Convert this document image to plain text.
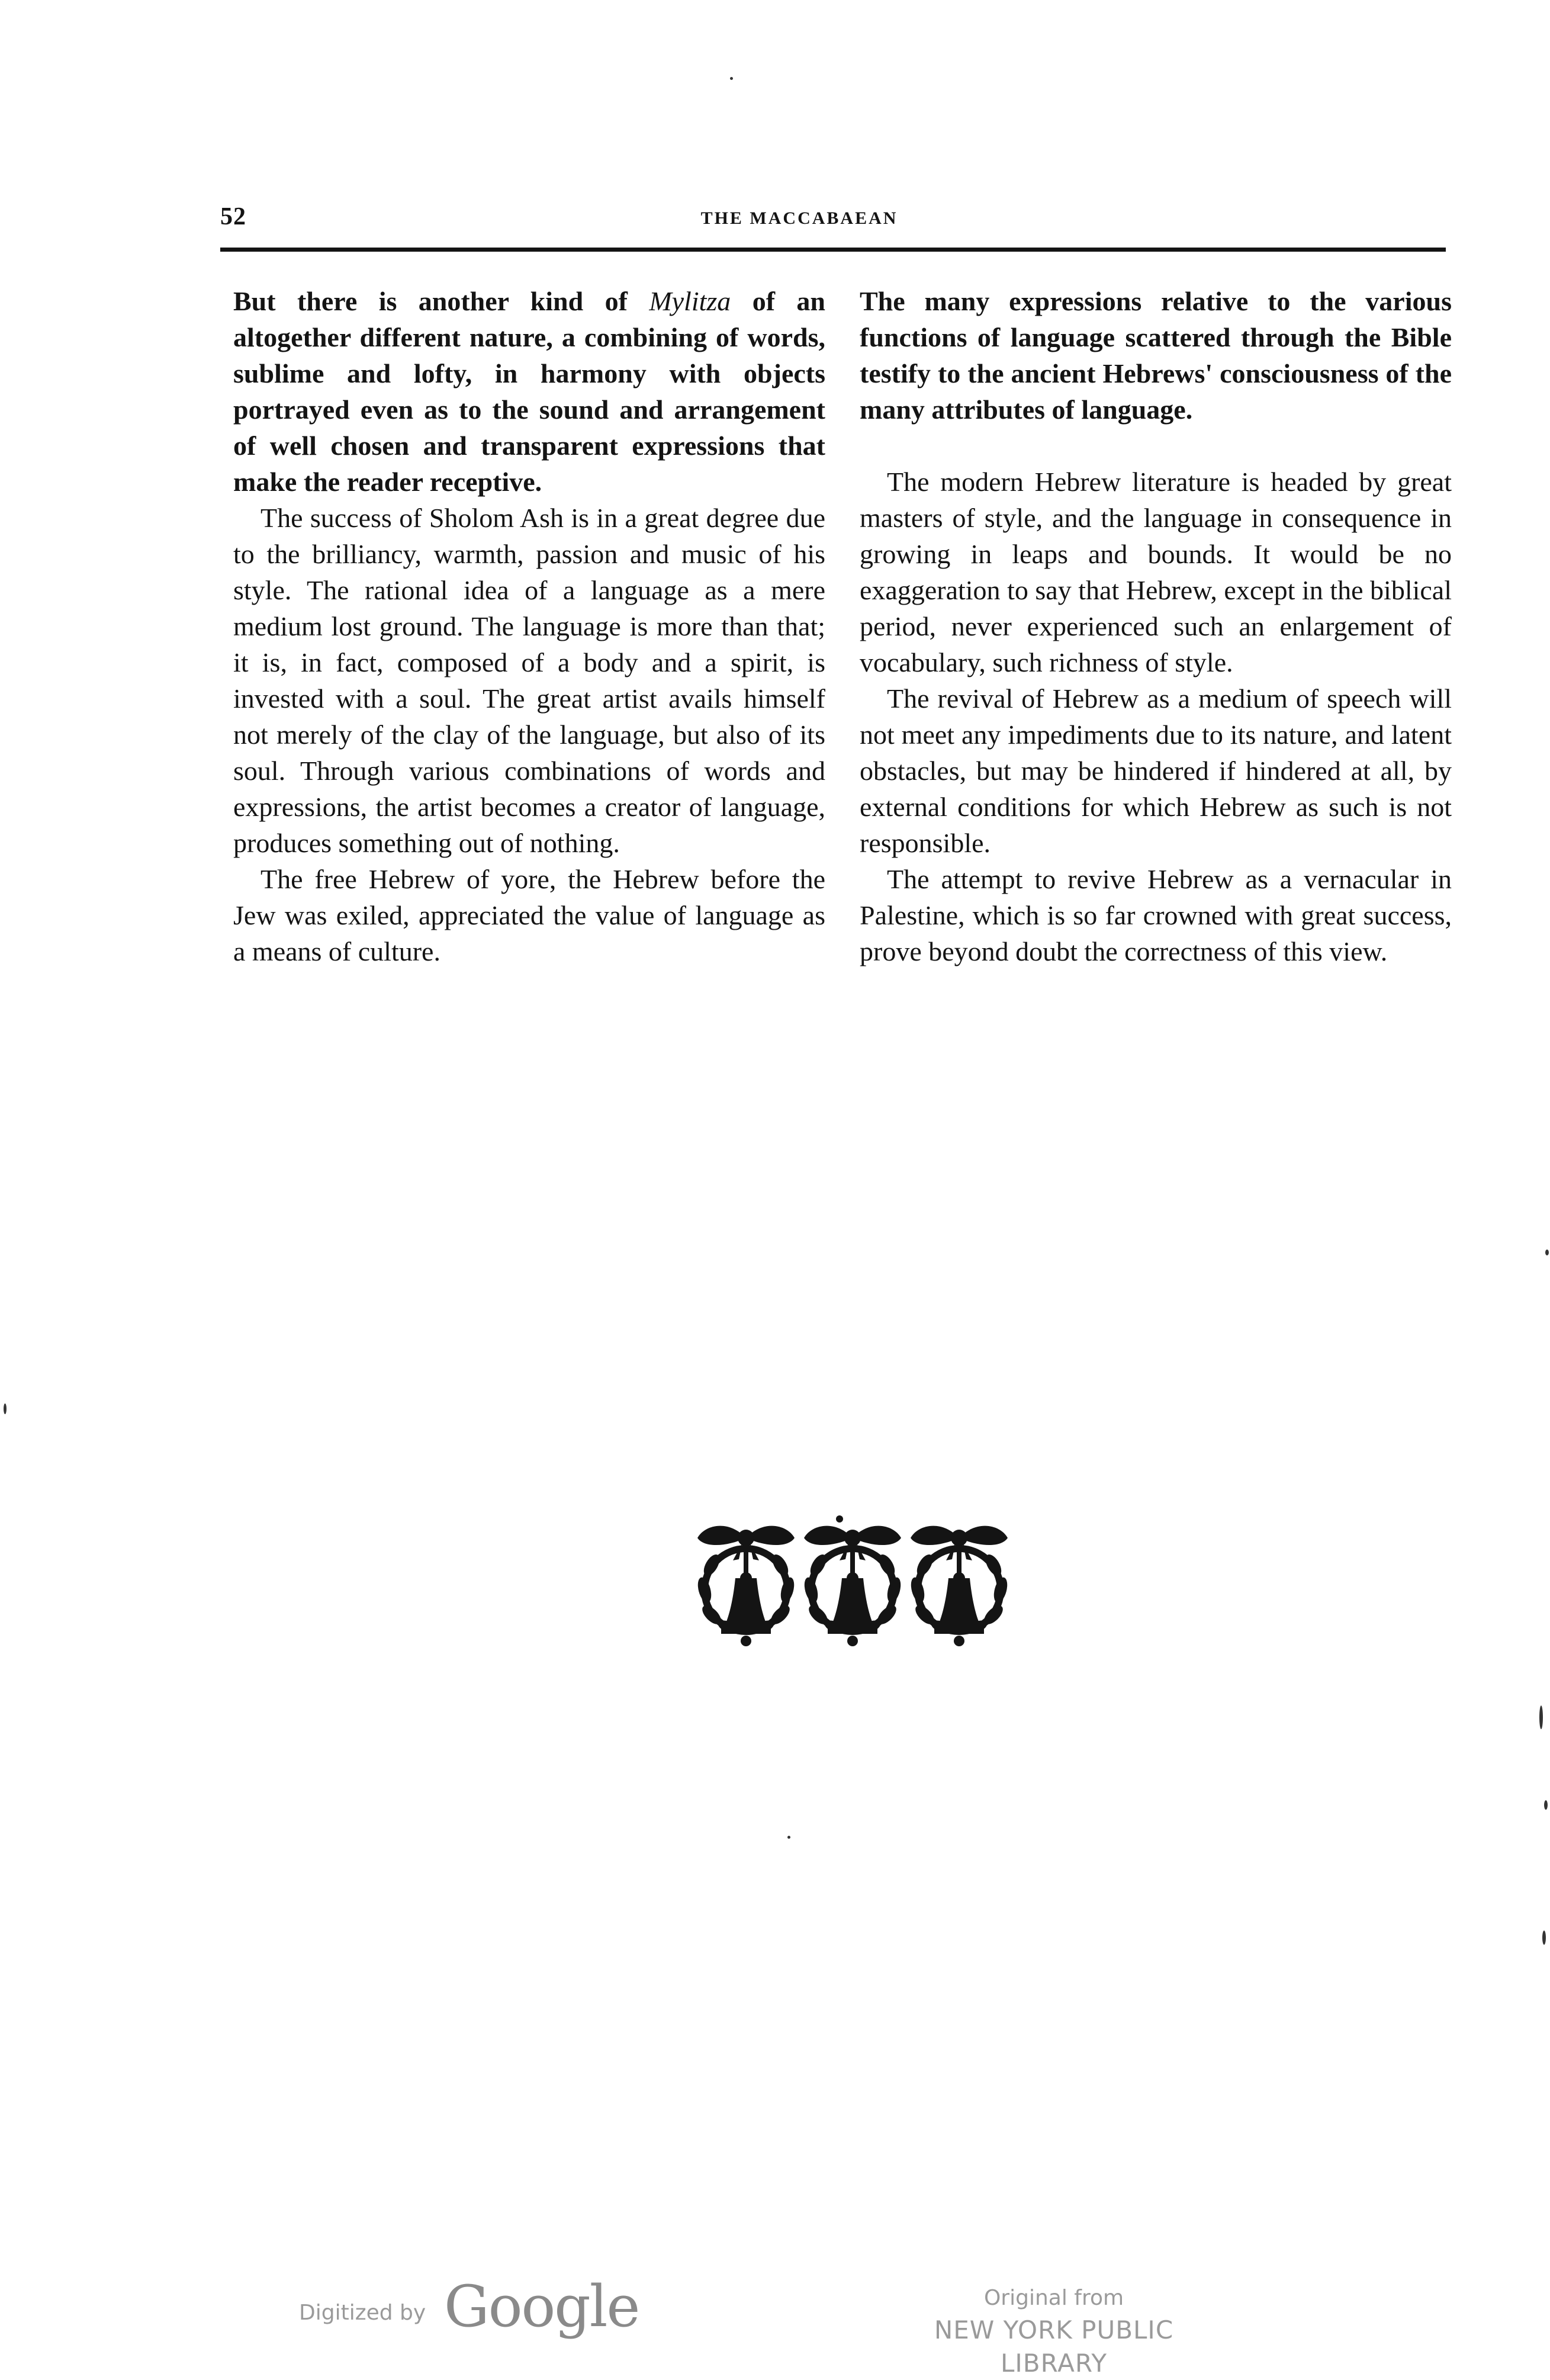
52	THE MACCABAEAN

But there is another kind of Mylitza of an altogether different nature, a combining of words, sublime and lofty, in harmony with objects portrayed even as to the sound and arrangement of well chosen and transparent expressions that make the reader receptive.

The success of Sholom Ash is in a great degree due to the brilliancy, warmth, passion and music of his style. The rational idea of a language as a mere medium lost ground. The language is more than that; it is, in fact, composed of a body and a spirit, is invested with a soul. The great artist avails himself not merely of the clay of the language, but also of its soul. Through various combinations of words and expressions, the artist becomes a creator of language, produces something out of nothing.

The free Hebrew of yore, the Hebrew before the Jew was exiled, appreciated the value of language as a means of culture.

The many expressions relative to the various functions of language scattered through the Bible testify to the ancient Hebrews' consciousness of the many attributes of language.

The modern Hebrew literature is headed by great masters of style, and the language in consequence in growing in leaps and bounds. It would be no exaggeration to say that Hebrew, except in the biblical period, never experienced such an enlargement of vocabulary, such richness of style.

The revival of Hebrew as a medium of speech will not meet any impediments due to its nature, and latent obstacles, but may be hindered if hindered at all, by external conditions for which Hebrew as such is not responsible.

The attempt to revive Hebrew as a vernacular in Palestine, which is so far crowned with great success, prove beyond doubt the correctness of this view.

Digitized by Google	Original from
NEW YORK PUBLIC LIBRARY
